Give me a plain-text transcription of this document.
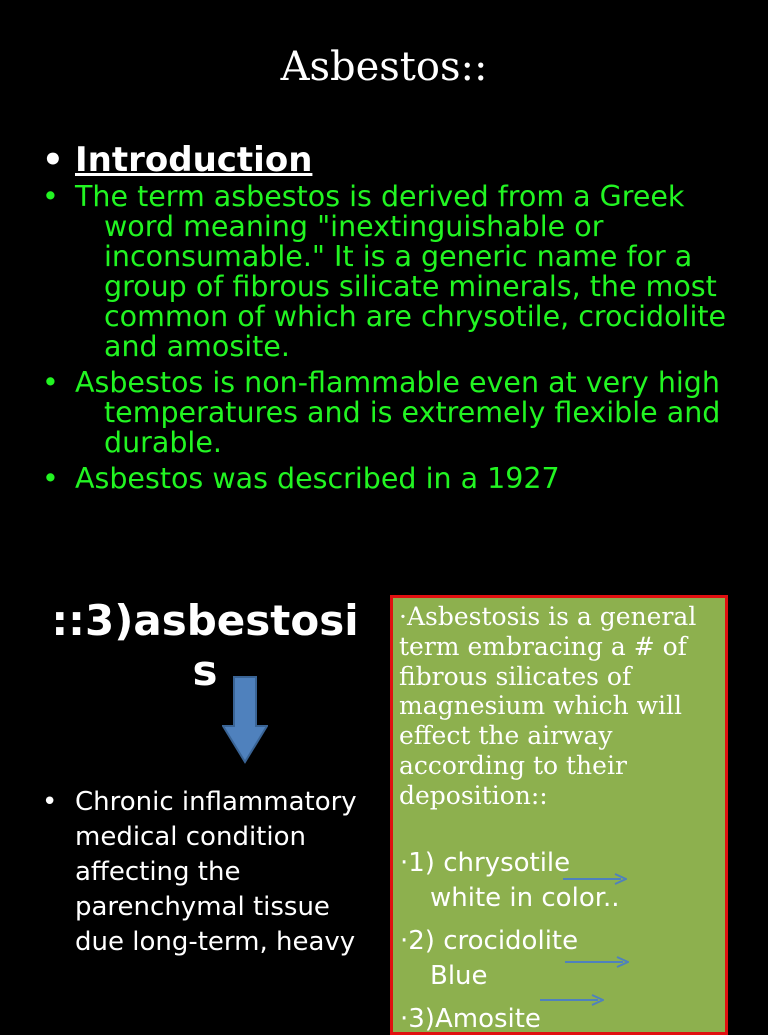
Asbestos::
• Introduction
• The term asbestos is derived from a Greek word meaning "inextinguishable or inconsumable." It is a generic name for a group of fibrous silicate minerals, the most common of which are chrysotile, crocidolite and amosite.
• Asbestos is non-flammable even at very high temperatures and is extremely flexible and durable.
• Asbestos was described in a 1927
::3)asbestosis
• Chronic inflammatory medical condition affecting the parenchymal tissue due long-term, heavy
·Asbestosis is a general term embracing a # of fibrous silicates of magnesium which will effect the airway according to their deposition::
·1) chrysotile
white in color..
·2) crocidolite
Blue
·3)Amosite
